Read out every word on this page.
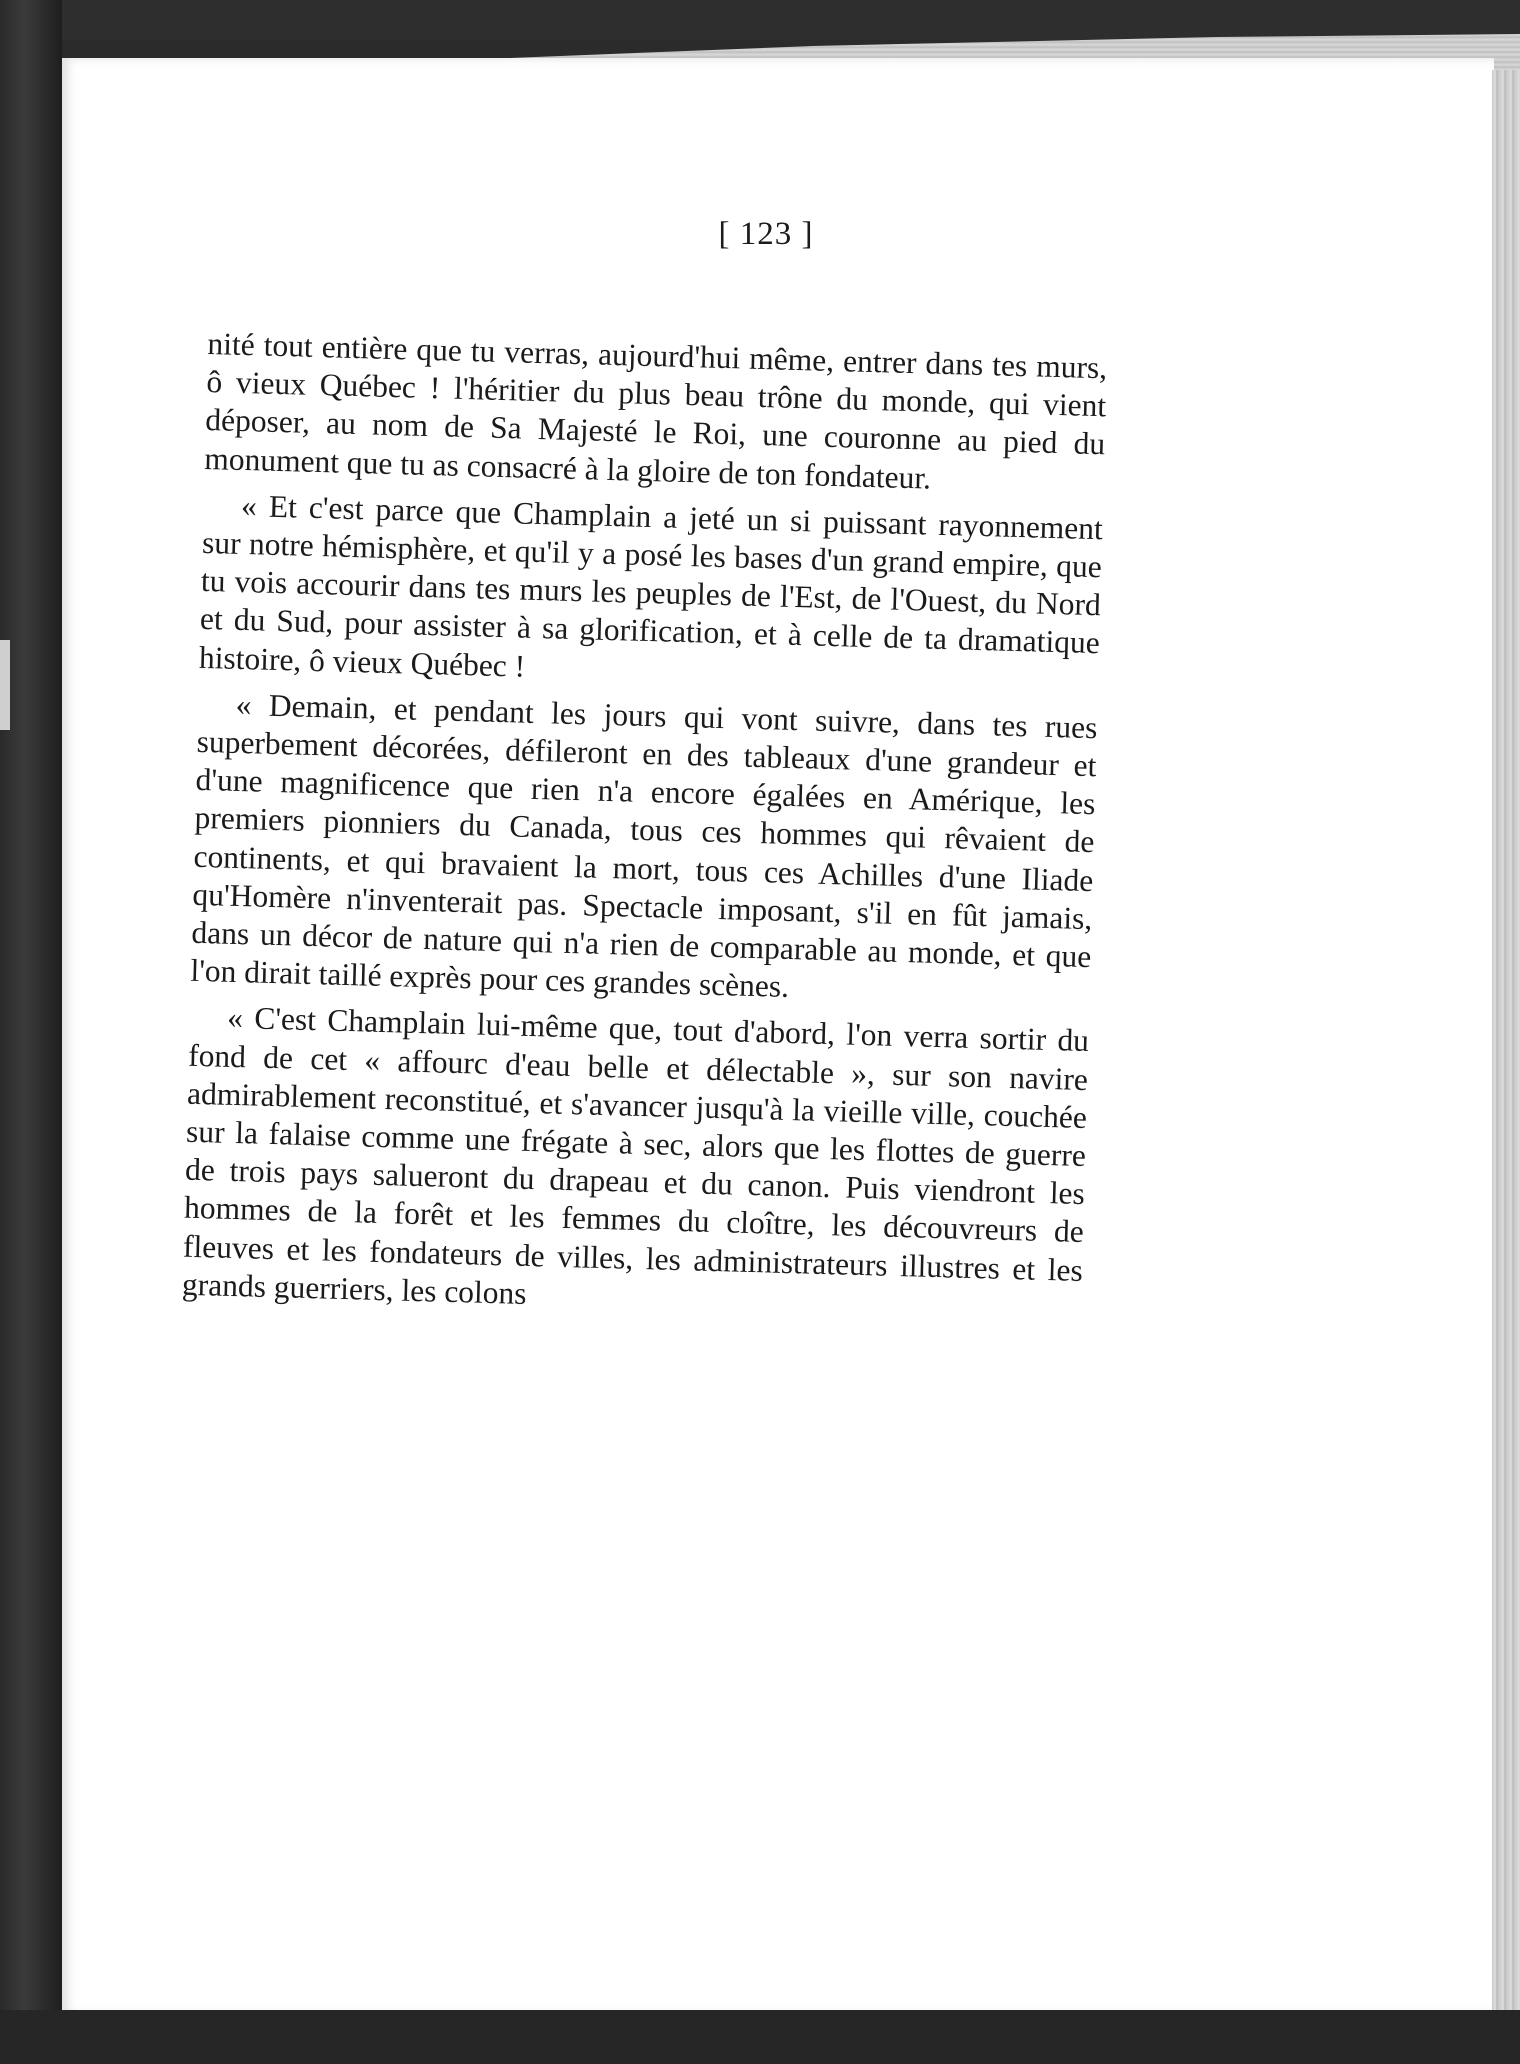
[ 123 ]

nité tout entière que tu verras, aujourd'hui même, entrer dans tes murs, ô vieux Québec ! l'héritier du plus beau trône du monde, qui vient déposer, au nom de Sa Majesté le Roi, une couronne au pied du monument que tu as consacré à la gloire de ton fondateur.

« Et c'est parce que Champlain a jeté un si puissant rayonnement sur notre hémisphère, et qu'il y a posé les bases d'un grand empire, que tu vois accourir dans tes murs les peuples de l'Est, de l'Ouest, du Nord et du Sud, pour assister à sa glorification, et à celle de ta dramatique histoire, ô vieux Québec !

« Demain, et pendant les jours qui vont suivre, dans tes rues superbement décorées, défileront en des tableaux d'une grandeur et d'une magnificence que rien n'a encore égalées en Amérique, les premiers pionniers du Canada, tous ces hommes qui rêvaient de continents, et qui bravaient la mort, tous ces Achilles d'une Iliade qu'Homère n'inventerait pas. Spectacle imposant, s'il en fût jamais, dans un décor de nature qui n'a rien de comparable au monde, et que l'on dirait taillé exprès pour ces grandes scènes.

« C'est Champlain lui-même que, tout d'abord, l'on verra sortir du fond de cet « affourc d'eau belle et délectable », sur son navire admirablement reconstitué, et s'avancer jusqu'à la vieille ville, couchée sur la falaise comme une frégate à sec, alors que les flottes de guerre de trois pays salueront du drapeau et du canon. Puis viendront les hommes de la forêt et les femmes du cloître, les découvreurs de fleuves et les fondateurs de villes, les administrateurs illustres et les grands guerriers, les colons
